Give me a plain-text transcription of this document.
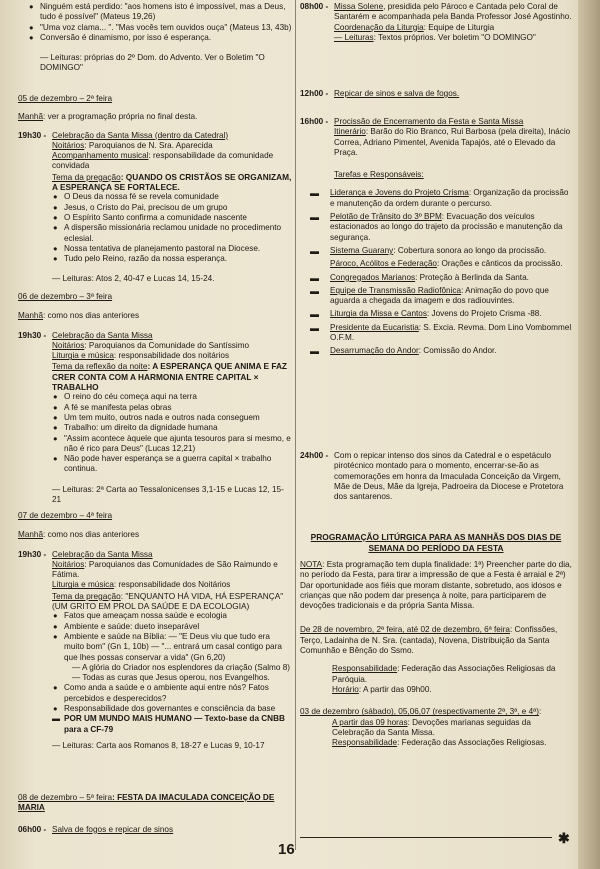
● Ninguém está perdido: "aos homens isto é impossível, mas a Deus, tudo é possível" (Mateus 19,26)
● "Uma voz clama... ". "Mas vocês tem ouvidos ouça" (Mateus 13, 43b)
● Conversão é dinamismo, por isso é esperança.
— Leituras: próprias do 2º Dom. do Advento. Ver o Boletim "O DOMINGO"
05 de dezembro – 2ª feira
Manhã: ver a programação própria no final desta.
19h30 - Celebração da Santa Missa (dentro da Catedral)
Noitários: Paroquianos de N. Sra. Aparecida
Acompanhamento musical: responsabilidade da comunidade convidada
Tema da pregação: QUANDO OS CRISTÃOS SE ORGANIZAM, A ESPERANÇA SE FORTALECE.
● O Deus da nossa fé se revela comunidade
● Jesus, o Cristo do Pai, precisou de um grupo
● O Espírito Santo confirma a comunidade nascente
● A dispersão missionária reclamou unidade no procedimento eclesial.
● Nossa tentativa de planejamento pastoral na Diocese.
● Tudo pelo Reino, razão da nossa esperança.
— Leituras: Atos 2, 40-47 e Lucas 14, 15-24.
06 de dezembro – 3ª feira
Manhã: como nos dias anteriores
19h30 - Celebração da Santa Missa
Noitários: Paroquianos da Comunidade do Santíssimo
Liturgia e música: responsabilidade dos noitários
Tema da reflexão da noite: A ESPERANÇA QUE ANIMA E FAZ CRER CONTA COM A HARMONIA ENTRE CAPITAL × TRABALHO
● O reino do céu começa aqui na terra
● A fé se manifesta pelas obras
● Um tem muito, outros nada e outros nada conseguem
● Trabalho: um direito da dignidade humana
● "Assim acontece àquele que ajunta tesouros para si mesmo, e não é rico para Deus" (Lucas 12,21)
● Não pode haver esperança se a guerra capital × trabalho continua.
— Leituras: 2ª Carta ao Tessalonicenses 3,1-15 e Lucas 12, 15-21
07 de dezembro – 4ª feira
Manhã: como nos dias anteriores
19h30 - Celebração da Santa Missa
Noitários: Paroquianos das Comunidades de São Raimundo e Fátima.
Liturgia e música: responsabilidade dos Noitários
Tema da pregação: "ENQUANTO HÁ VIDA, HÁ ESPERANÇA" (UM GRITO EM PROL DA SAÚDE E DA ECOLOGIA)
● Fatos que ameaçam nossa saúde e ecologia
● Ambiente e saúde: dueto inseparável
● Ambiente e saúde na Bíblia: — "E Deus viu que tudo era muito bom" (Gn 1, 10b) — "... entrará um casal contigo para que lhes possas conservar a vida" (Gn 6,20)
— A glória do Criador nos esplendores da criação (Salmo 8)
— Todas as curas que Jesus operou, nos Evangelhos.
● Como anda a saúde e o ambiente aqui entre nós? Fatos percebidos e desperecidos?
● Responsabilidade dos governantes e consciência da base
▬ POR UM MUNDO MAIS HUMANO — Texto-base da CNBB para a CF-79
— Leituras: Carta aos Romanos 8, 18-27 e Lucas 9, 10-17
08 de dezembro – 5ª feira: FESTA DA IMACULADA CONCEIÇÃO DE MARIA
06h00 - Salva de fogos e repicar de sinos
08h00 - Missa Solene, presidida pelo Pároco e Cantada pelo Coral de Santarém e acompanhada pela Banda Professor José Agostinho.
Coordenação da Liturgia: Equipe de Liturgia
— Leituras: Textos próprios. Ver boletim "O DOMINGO"
12h00 - Repicar de sinos e salva de fogos.
16h00 - Procissão de Encerramento da Festa e Santa Missa
Itinerário: Barão do Rio Branco, Rui Barbosa (pela direita), Inácio Correa, Adriano Pimentel, Avenida Tapajós, até o Elevado da Praça.
Tarefas e Responsáveis:
▬ Liderança e Jovens do Projeto Crisma: Organização da procissão e manutenção da ordem durante o percurso.
▬ Pelotão de Trânsito do 3º BPM: Evacuação dos veículos estacionados ao longo do trajeto da procissão e manutenção da segurança.
▬ Sistema Guarany: Cobertura sonora ao longo da procissão.
Pároco, Acólitos e Federação: Orações e cânticos da procissão.
▬ Congregados Marianos: Proteção à Berlinda da Santa.
▬ Equipe de Transmissão Radiofônica: Animação do povo que aguarda a chegada da imagem e dos radiouvintes.
▬ Liturgia da Missa e Cantos: Jovens do Projeto Crisma -88.
▬ Presidente da Eucaristia: S. Excia. Revma. Dom Lino Vombommel O.F.M.
▬ Desarrumação do Andor: Comissão do Andor.
24h00 - Com o repicar intenso dos sinos da Catedral e o espetáculo pirotécnico montado para o momento, encerrar-se-ão as comemorações em honra da Imaculada Conceição da Virgem, Mãe de Deus, Mãe da Igreja, Padroeira da Diocese e Protetora dos santarenos.
PROGRAMAÇÃO LITÚRGICA PARA AS MANHÃS DOS DIAS DE SEMANA DO PERÍODO DA FESTA
NOTA: Esta programação tem dupla finalidade: 1ª) Preencher parte do dia, no período da Festa, para tirar a impressão de que a Festa é arraial e 2ª) Dar oportunidade aos fiéis que moram distante, sobretudo, aos idosos e crianças que não podem dar presença à noite, para participarem de devoções tradicionais e da própria Santa Missa.
De 28 de novembro, 2ª feira, até 02 de dezembro, 6ª feira: Confissões, Terço, Ladainha de N. Sra. (cantada), Novena, Distribuição da Santa Comunhão e Bênção do Ssmo.
Responsabilidade: Federação das Associações Religiosas da Paróquia.
Horário: A partir das 09h00.
03 de dezembro (sábado), 05,06,07 (respectivamente 2ª, 3ª, e 4ª):
A partir das 09 horas: Devoções marianas seguidas da Celebração da Santa Missa.
Responsabilidade: Federação das Associações Religiosas.
✱
16
